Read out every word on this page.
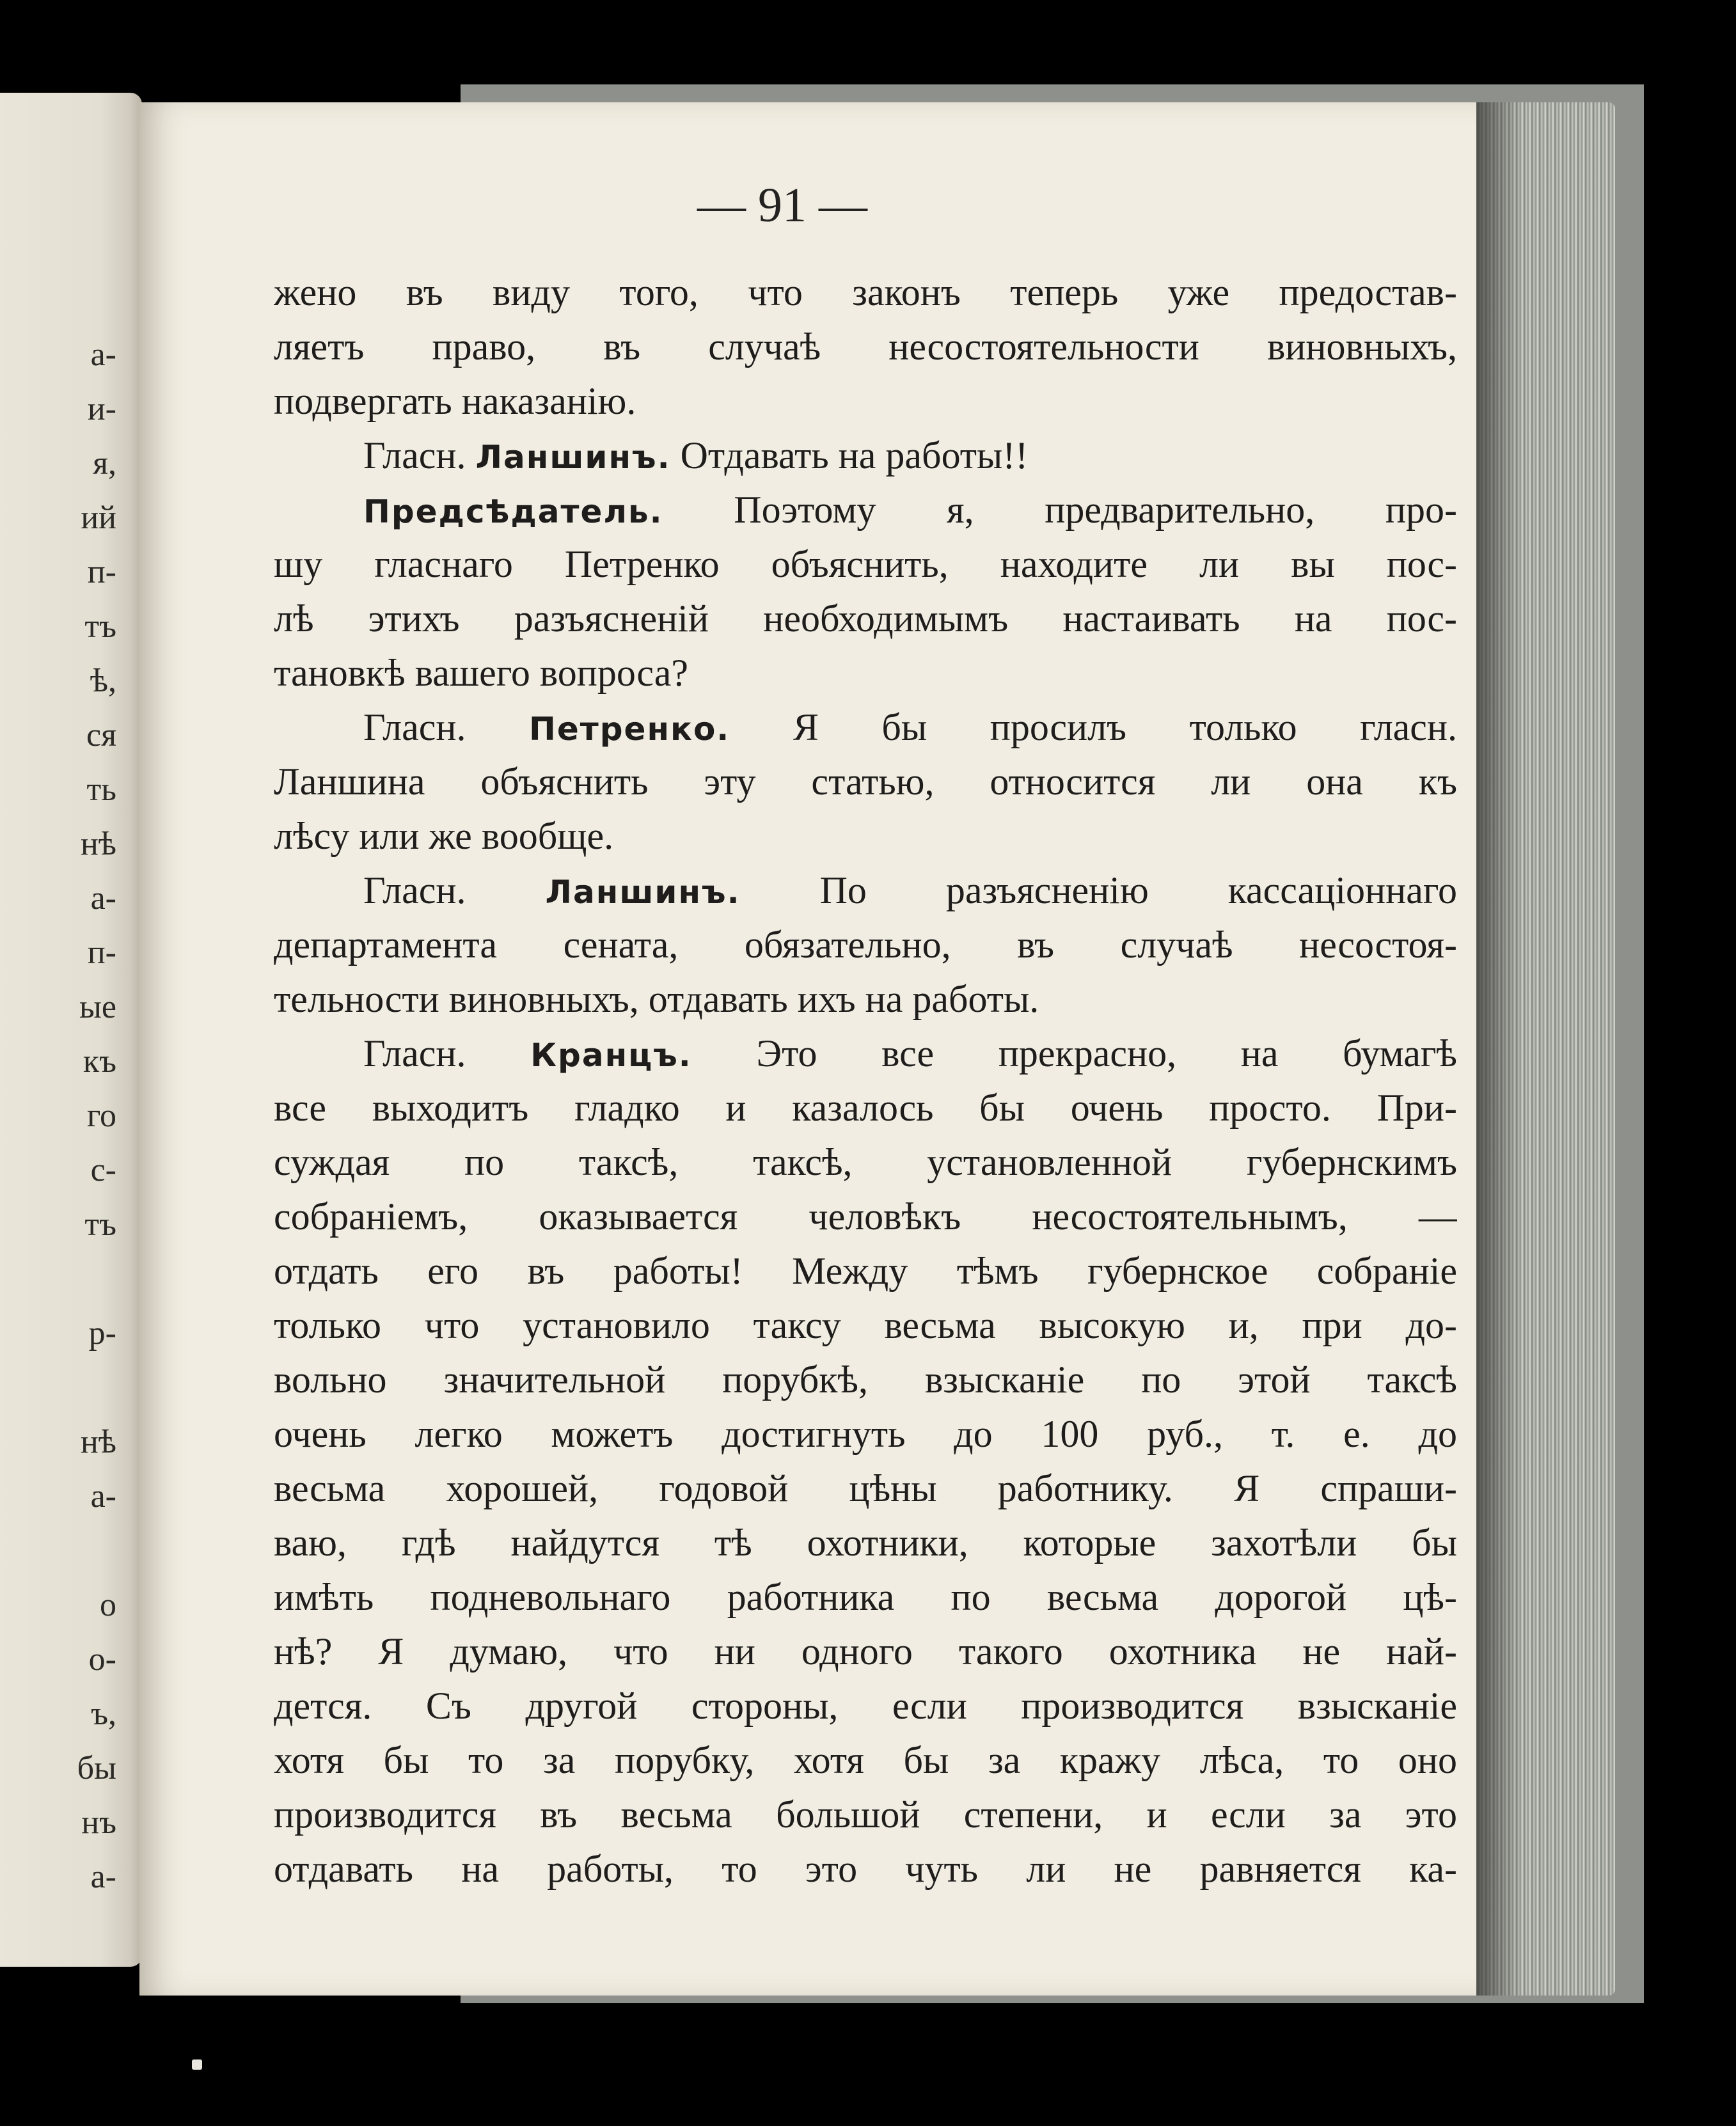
а-
и-
я,
ий
п-
тъ
ѣ,
ся
ть
нѣ
а-
п-
ые
къ
го
с-
тъ
р-
нѣ
а-
о
о-
ъ,
бы
нъ
а-
— 91 —
жено въ виду того, что законъ теперь уже предостав-
ляетъ право, въ случаѣ несостоятельности виновныхъ,
подвергать наказанію.
Гласн. Ланшинъ. Отдавать на работы!!
Предсѣдатель. Поэтому я, предварительно, про-
шу гласнаго Петренко объяснить, находите ли вы пос-
лѣ этихъ разъясненій необходимымъ настаивать на пос-
тановкѣ вашего вопроса?
Гласн. Петренко. Я бы просилъ только гласн.
Ланшина объяснить эту статью, относится ли она къ
лѣсу или же вообще.
Гласн. Ланшинъ. По разъясненію кассаціоннаго
департамента сената, обязательно, въ случаѣ несостоя-
тельности виновныхъ, отдавать ихъ на работы.
Гласн. Кранцъ. Это все прекрасно, на бумагѣ
все выходитъ гладко и казалось бы очень просто. При-
суждая по таксѣ, таксѣ, установленной губернскимъ
собраніемъ, оказывается человѣкъ несостоятельнымъ, —
отдать его въ работы! Между тѣмъ губернское собраніе
только что установило таксу весьма высокую и, при до-
вольно значительной порубкѣ, взысканіе по этой таксѣ
очень легко можетъ достигнуть до 100 руб., т. е. до
весьма хорошей, годовой цѣны работнику. Я спраши-
ваю, гдѣ найдутся тѣ охотники, которые захотѣли бы
имѣть подневольнаго работника по весьма дорогой цѣ-
нѣ? Я думаю, что ни одного такого охотника не най-
дется. Съ другой стороны, если производится взысканіе
хотя бы то за порубку, хотя бы за кражу лѣса, то оно
производится въ весьма большой степени, и если за это
отдавать на работы, то это чуть ли не равняется ка-
